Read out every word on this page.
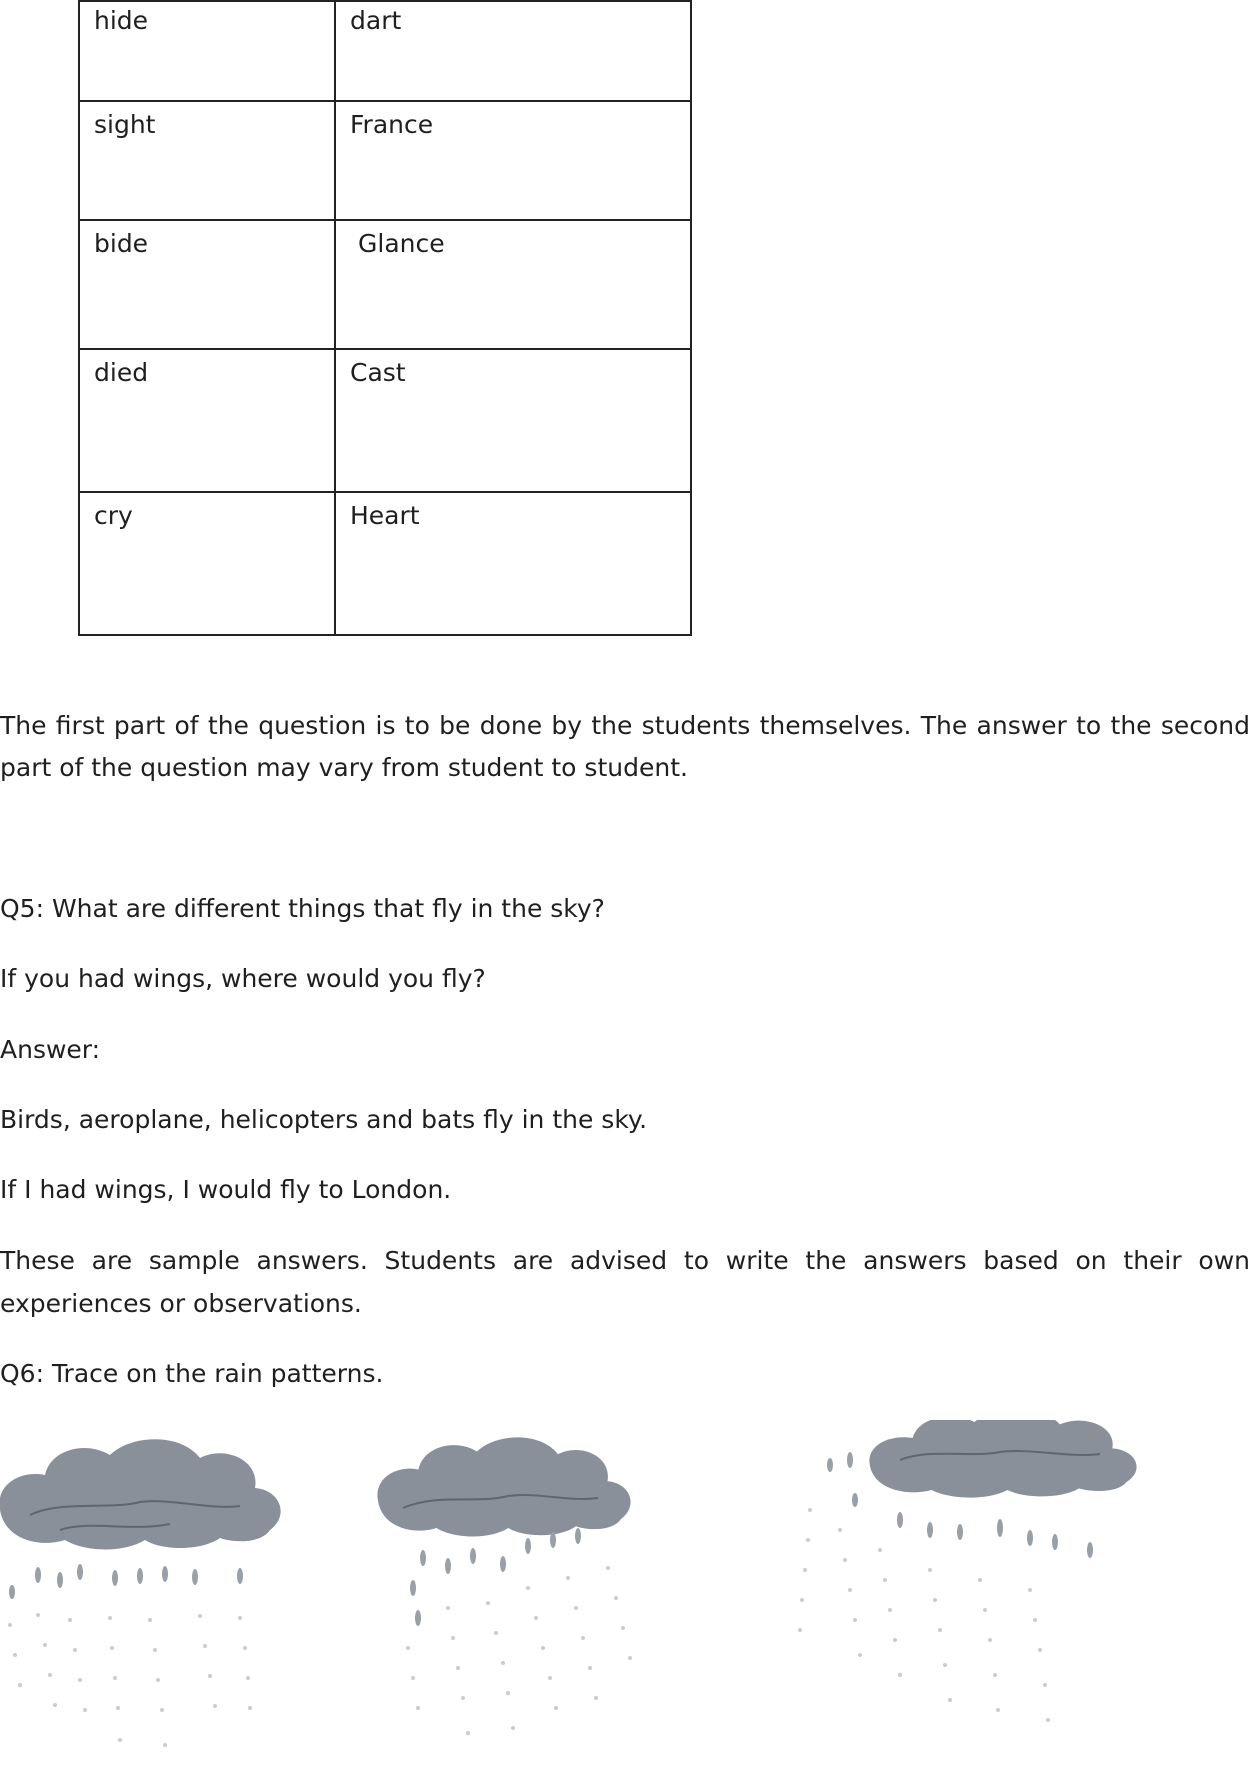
hide	dart
sight	France
bide	Glance
died	Cast
cry	Heart

The first part of the question is to be done by the students themselves. The answer to the second

part of the question may vary from student to student.

Q5: What are different things that fly in the sky?

If you had wings, where would you fly?

Answer:

Birds, aeroplane, helicopters and bats fly in the sky.

If I had wings, I would fly to London.

These are sample answers. Students are advised to write the answers based on their own

experiences or observations.

Q6: Trace on the rain patterns.
